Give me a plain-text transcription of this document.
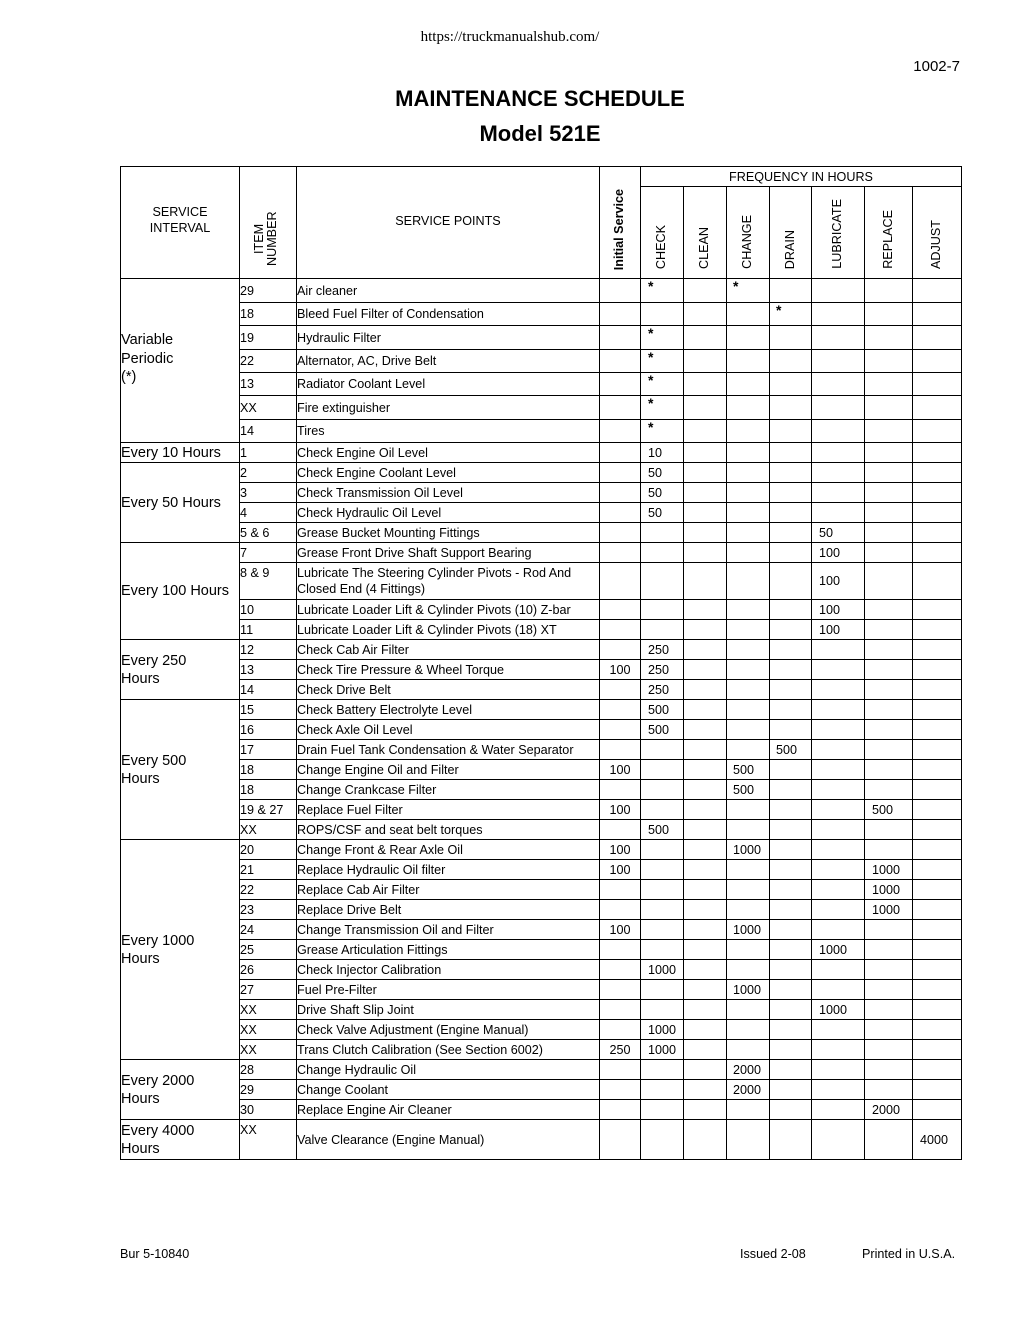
https://truckmanualshub.com/
1002-7
MAINTENANCE SCHEDULE
Model 521E
SERVICE INTERVAL	ITEM NUMBER	SERVICE POINTS	Initial Service	FREQUENCY IN HOURS						
				CHECK	CLEAN	CHANGE	DRAIN	LUBRICATE	REPLACE	ADJUST
Variable Periodic (*)	29	Air cleaner		*		*				
	18	Bleed Fuel Filter of Condensation					*			
	19	Hydraulic Filter		*						
	22	Alternator, AC, Drive Belt		*						
	13	Radiator Coolant Level		*						
	XX	Fire extinguisher		*						
	14	Tires		*						
Every 10 Hours	1	Check Engine Oil Level		10						
Every 50 Hours	2	Check Engine Coolant Level		50						
	3	Check Transmission Oil Level		50						
	4	Check Hydraulic Oil Level		50						
	5 & 6	Grease Bucket Mounting Fittings						50		
Every 100 Hours	7	Grease Front Drive Shaft Support Bearing						100		
	8 & 9	Lubricate The Steering Cylinder Pivots - Rod And Closed End (4 Fittings)						100		
	10	Lubricate Loader Lift & Cylinder Pivots (10) Z-bar						100		
	11	Lubricate Loader Lift & Cylinder Pivots (18) XT						100		
Every 250 Hours	12	Check Cab Air Filter		250						
	13	Check Tire Pressure & Wheel Torque	100	250						
	14	Check Drive Belt		250						
Every 500 Hours	15	Check Battery Electrolyte Level		500						
	16	Check Axle Oil Level		500						
	17	Drain Fuel Tank Condensation & Water Separator					500			
	18	Change Engine Oil and Filter	100			500				
	18	Change Crankcase Filter				500				
	19 & 27	Replace Fuel Filter	100						500	
	XX	ROPS/CSF and seat belt torques		500						
Every 1000 Hours	20	Change Front & Rear Axle Oil	100			1000				
	21	Replace Hydraulic Oil filter	100						1000	
	22	Replace Cab Air Filter							1000	
	23	Replace Drive Belt							1000	
	24	Change Transmission Oil and Filter	100			1000				
	25	Grease Articulation Fittings						1000		
	26	Check Injector Calibration		1000						
	27	Fuel Pre-Filter				1000				
	XX	Drive Shaft Slip Joint						1000		
	XX	Check Valve Adjustment (Engine Manual)		1000						
	XX	Trans Clutch Calibration (See Section 6002)	250	1000						
Every 2000 Hours	28	Change Hydraulic Oil				2000				
	29	Change Coolant				2000				
	30	Replace Engine Air Cleaner							2000	
Every 4000 Hours	XX	Valve Clearance (Engine Manual)								4000
Bur 5-10840	Issued 2-08	Printed in U.S.A.
